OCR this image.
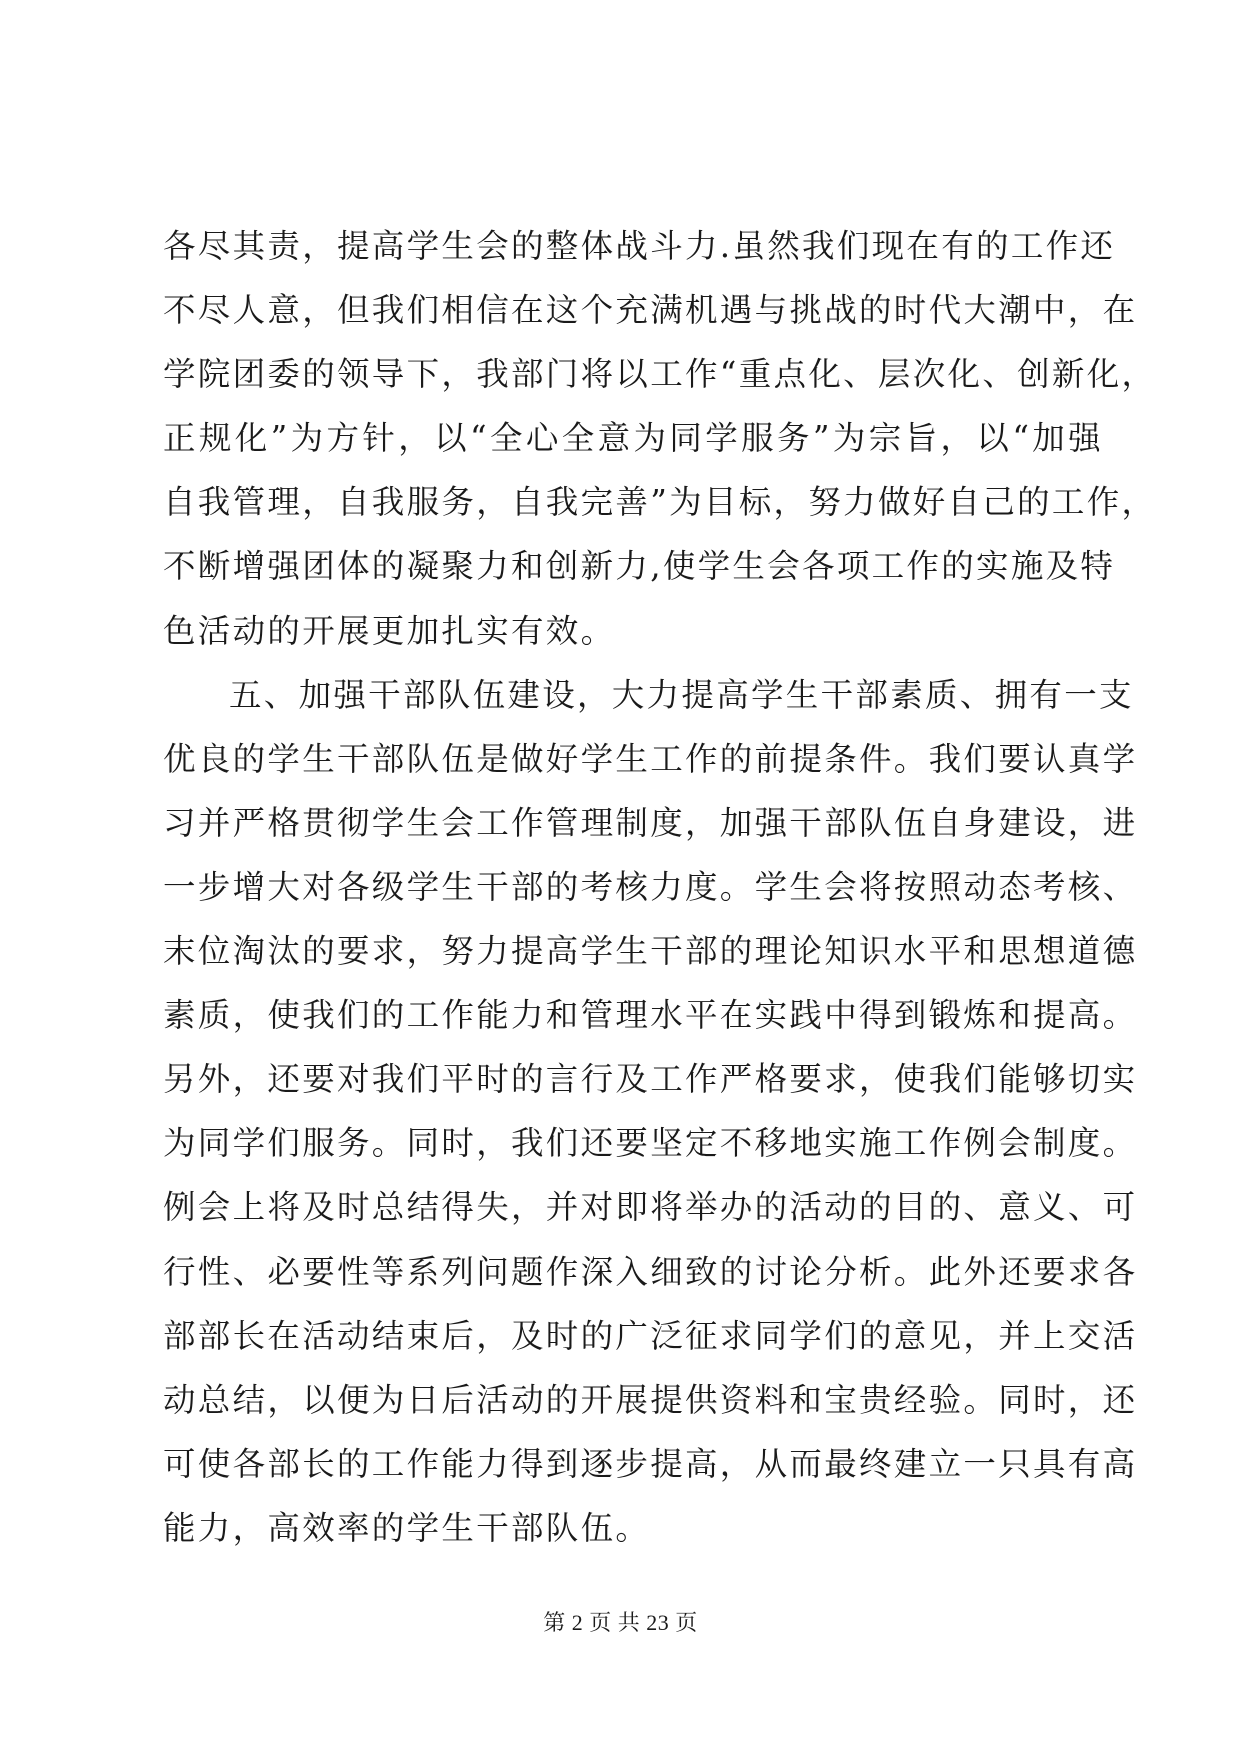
各尽其责，提高学生会的整体战斗力.虽然我们现在有的工作还
不尽人意，但我们相信在这个充满机遇与挑战的时代大潮中，在
学院团委的领导下，我部门将以工作“重点化、层次化、创新化，
正规化”为方针，以“全心全意为同学服务”为宗旨，以“加强
自我管理，自我服务，自我完善”为目标，努力做好自己的工作，
不断增强团体的凝聚力和创新力,使学生会各项工作的实施及特
色活动的开展更加扎实有效。
五、加强干部队伍建设，大力提高学生干部素质、拥有一支
优良的学生干部队伍是做好学生工作的前提条件。我们要认真学
习并严格贯彻学生会工作管理制度，加强干部队伍自身建设，进
一步增大对各级学生干部的考核力度。学生会将按照动态考核、
末位淘汰的要求，努力提高学生干部的理论知识水平和思想道德
素质，使我们的工作能力和管理水平在实践中得到锻炼和提高。
另外，还要对我们平时的言行及工作严格要求，使我们能够切实
为同学们服务。同时，我们还要坚定不移地实施工作例会制度。
例会上将及时总结得失，并对即将举办的活动的目的、意义、可
行性、必要性等系列问题作深入细致的讨论分析。此外还要求各
部部长在活动结束后，及时的广泛征求同学们的意见，并上交活
动总结，以便为日后活动的开展提供资料和宝贵经验。同时，还
可使各部长的工作能力得到逐步提高，从而最终建立一只具有高
能力，高效率的学生干部队伍。
第 2 页 共 23 页
